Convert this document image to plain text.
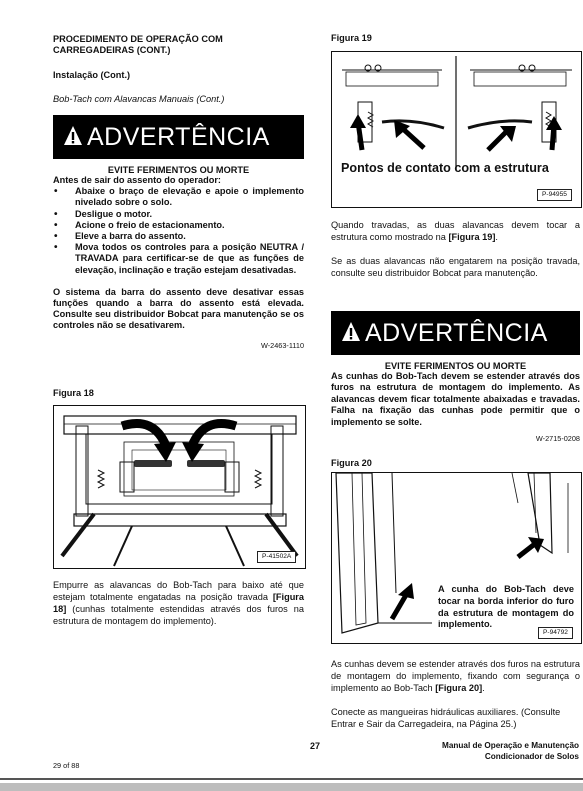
PROCEDIMENTO DE OPERAÇÃO COM
CARREGADEIRAS (CONT.)
Instalação (Cont.)
Bob-Tach com Alavancas Manuais (Cont.)
ADVERTÊNCIA
EVITE FERIMENTOS OU MORTE
Antes de sair do assento do operador:
• Abaixe o braço de elevação e apoie o implemento nivelado sobre o solo.
• Desligue o motor.
• Acione o freio de estacionamento.
• Eleve a barra do assento.
• Mova todos os controles para a posição NEUTRA / TRAVADA para certificar-se de que as funções de elevação, inclinação e tração estejam desativadas.
O sistema da barra do assento deve desativar essas funções quando a barra do assento está elevada. Consulte seu distribuidor Bobcat para manutenção se os controles não se desativarem.
W-2463-1110
Figura 18
P-41502A
Empurre as alavancas do Bob-Tach para baixo até que estejam totalmente engatadas na posição travada [Figura 18] (cunhas totalmente estendidas através dos furos na estrutura de montagem do implemento).
Figura 19
Pontos de contato com a estrutura
P-94955
Quando travadas, as duas alavancas devem tocar a estrutura como mostrado na [Figura 19].
Se as duas alavancas não engatarem na posição travada, consulte seu distribuidor Bobcat para manutenção.
ADVERTÊNCIA
EVITE FERIMENTOS OU MORTE
As cunhas do Bob-Tach devem se estender através dos furos na estrutura de montagem do implemento. As alavancas devem ficar totalmente abaixadas e travadas. Falha na fixação das cunhas pode permitir que o implemento se solte.
W-2715-0208
Figura 20
A cunha do Bob-Tach deve tocar na borda inferior do furo da estrutura de montagem do implemento.
P-94792
As cunhas devem se estender através dos furos na estrutura de montagem do implemento, fixando com segurança o implemento ao Bob-Tach [Figura 20].
Conecte as mangueiras hidráulicas auxiliares. (Consulte Entrar e Sair da Carregadeira, na Página 25.)
27	Manual de Operação e Manutenção
Condicionador de Solos
29 of 88
